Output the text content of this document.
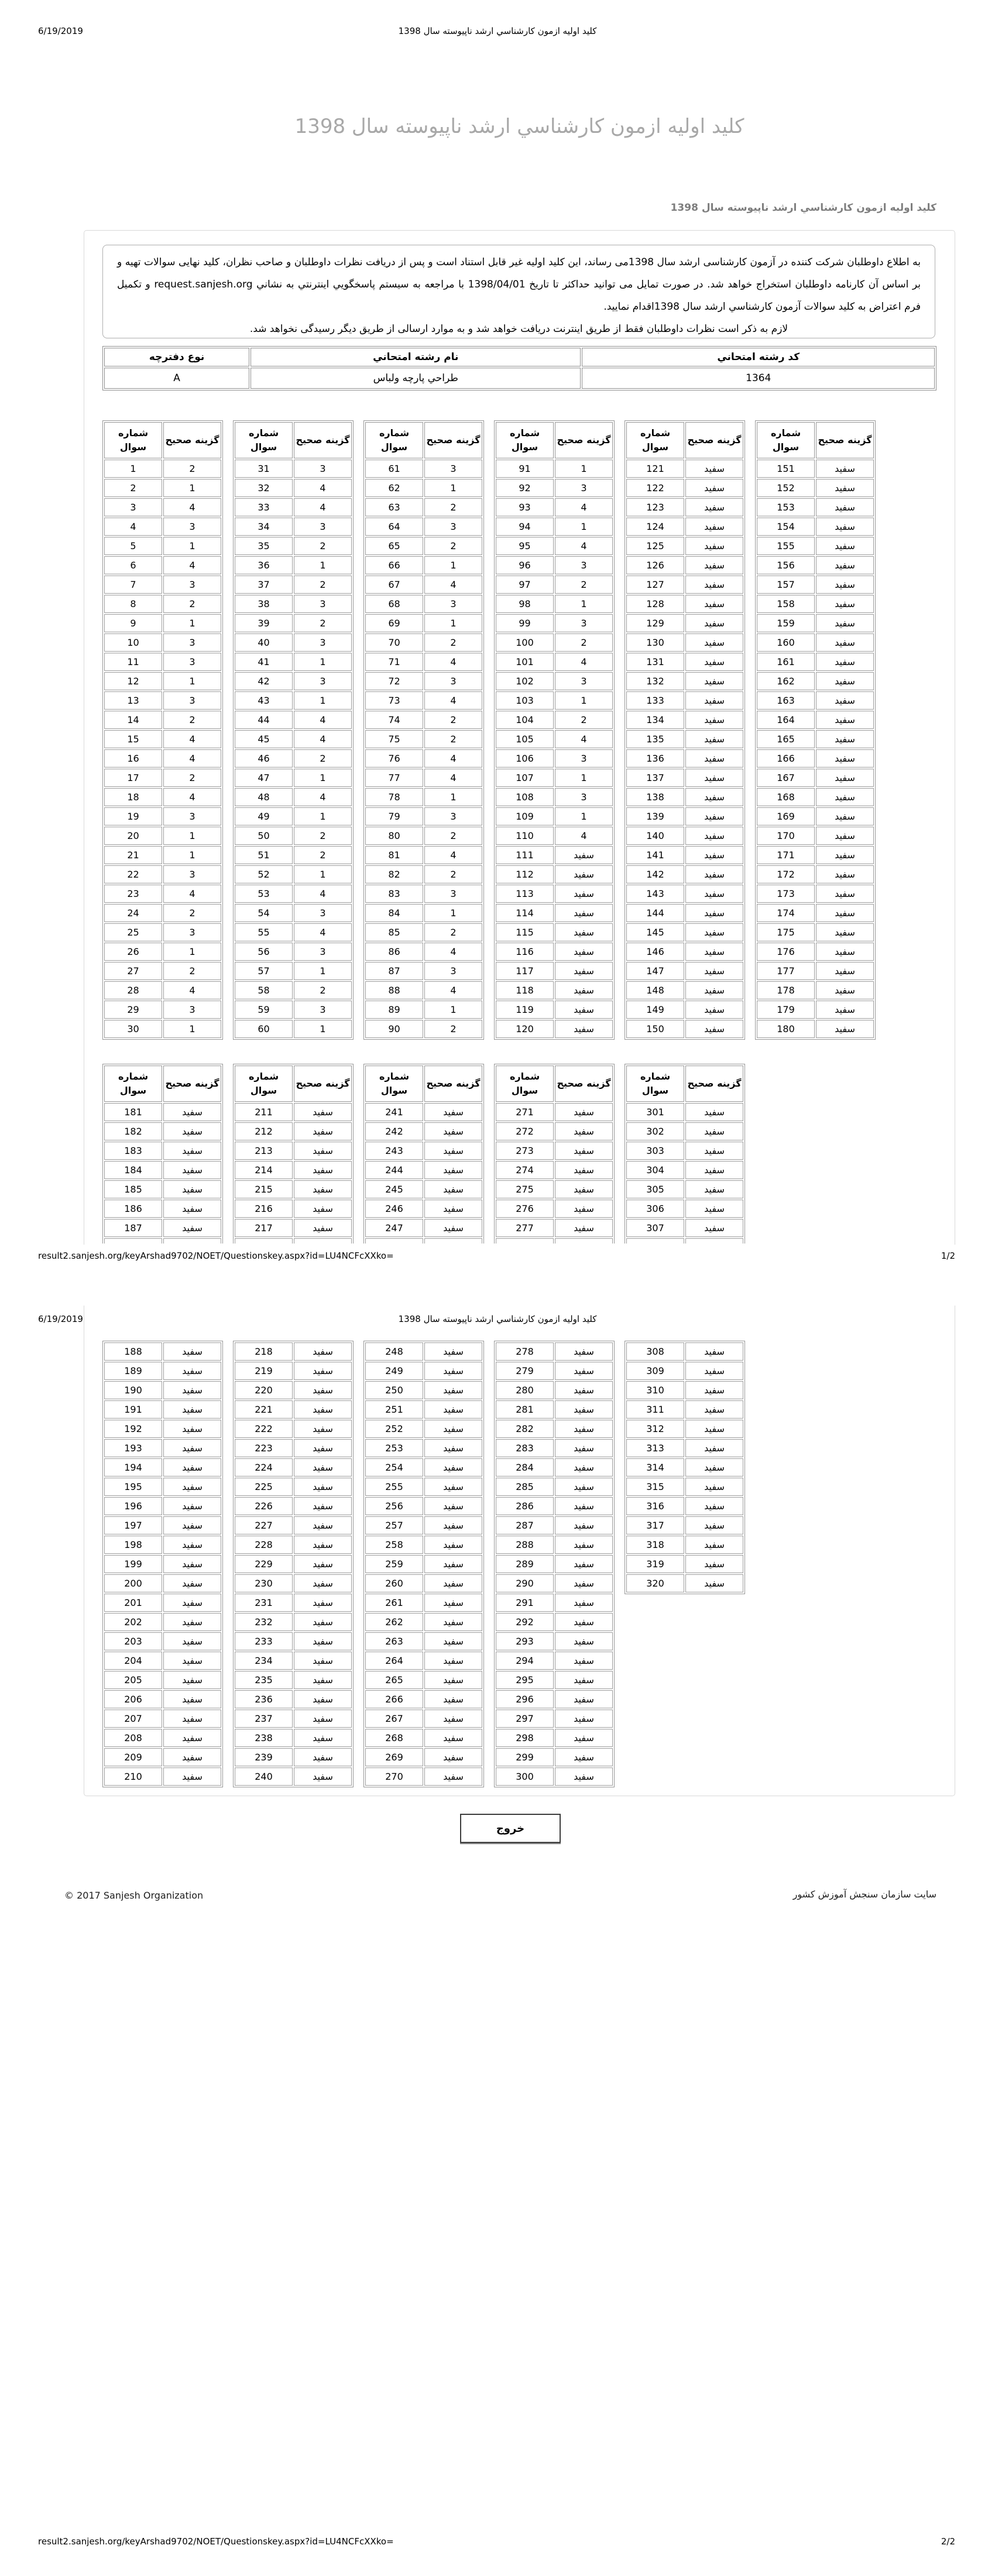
6/19/2019	کلید اولیه ازمون کارشناسي ارشد ناپیوسته سال 1398
کلید اولیه ازمون کارشناسي ارشد ناپیوسته سال 1398
کلید اولیه ازمون کارشناسي ارشد ناپیوسته سال 1398

به اطلاع داوطلبان شرکت کننده در آزمون کارشناسی ارشد سال 1398می رساند، این کلید اولیه غیر قابل استناد است و پس از دریافت نظرات داوطلبان و صاحب نظران، کلید نهایی سوالات تهیه و بر اساس آن کارنامه داوطلبان استخراج خواهد شد. در صورت تمایل می توانید حداکثر تا تاریخ 1398/04/01 با مراجعه به سیستم پاسخگویي اینترنتي به نشاني request.sanjesh.org و تکمیل فرم اعتراض به کلید سوالات آزمون کارشناسي ارشد سال 1398اقدام نمایید.

لازم به ذکر است نظرات داوطلبان فقط از طریق اینترنت دریافت خواهد شد و به موارد ارسالی از طریق دیگر رسیدگی نخواهد شد.

کد رشته امتحاني	نام رشته امتحاني	نوع دفترچه
1364	طراحي پارچه ولباس	A
شماره سوال	گزینه صحیح
1	2
2	1
3	4
4	3
5	1
6	4
7	3
8	2
9	1
10	3
11	3
12	1
13	3
14	2
15	4
16	4
17	2
18	4
19	3
20	1
21	1
22	3
23	4
24	2
25	3
26	1
27	2
28	4
29	3
30	1
شماره سوال	گزینه صحیح
31	3
32	4
33	4
34	3
35	2
36	1
37	2
38	3
39	2
40	3
41	1
42	3
43	1
44	4
45	4
46	2
47	1
48	4
49	1
50	2
51	2
52	1
53	4
54	3
55	4
56	3
57	1
58	2
59	3
60	1
شماره سوال	گزینه صحیح
61	3
62	1
63	2
64	3
65	2
66	1
67	4
68	3
69	1
70	2
71	4
72	3
73	4
74	2
75	2
76	4
77	4
78	1
79	3
80	2
81	4
82	2
83	3
84	1
85	2
86	4
87	3
88	4
89	1
90	2
شماره سوال	گزینه صحیح
91	1
92	3
93	4
94	1
95	4
96	3
97	2
98	1
99	3
100	2
101	4
102	3
103	1
104	2
105	4
106	3
107	1
108	3
109	1
110	4
111	سفید
112	سفید
113	سفید
114	سفید
115	سفید
116	سفید
117	سفید
118	سفید
119	سفید
120	سفید
شماره سوال	گزینه صحیح
121	سفید
122	سفید
123	سفید
124	سفید
125	سفید
126	سفید
127	سفید
128	سفید
129	سفید
130	سفید
131	سفید
132	سفید
133	سفید
134	سفید
135	سفید
136	سفید
137	سفید
138	سفید
139	سفید
140	سفید
141	سفید
142	سفید
143	سفید
144	سفید
145	سفید
146	سفید
147	سفید
148	سفید
149	سفید
150	سفید
شماره سوال	گزینه صحیح
151	سفید
152	سفید
153	سفید
154	سفید
155	سفید
156	سفید
157	سفید
158	سفید
159	سفید
160	سفید
161	سفید
162	سفید
163	سفید
164	سفید
165	سفید
166	سفید
167	سفید
168	سفید
169	سفید
170	سفید
171	سفید
172	سفید
173	سفید
174	سفید
175	سفید
176	سفید
177	سفید
178	سفید
179	سفید
180	سفید
شماره سوال	گزینه صحیح
181	سفید
182	سفید
183	سفید
184	سفید
185	سفید
186	سفید
187	سفید

شماره سوال	گزینه صحیح
211	سفید
212	سفید
213	سفید
214	سفید
215	سفید
216	سفید
217	سفید

شماره سوال	گزینه صحیح
241	سفید
242	سفید
243	سفید
244	سفید
245	سفید
246	سفید
247	سفید

شماره سوال	گزینه صحیح
271	سفید
272	سفید
273	سفید
274	سفید
275	سفید
276	سفید
277	سفید

شماره سوال	گزینه صحیح
301	سفید
302	سفید
303	سفید
304	سفید
305	سفید
306	سفید
307	سفید

188	سفید
189	سفید
190	سفید
191	سفید
192	سفید
193	سفید
194	سفید
195	سفید
196	سفید
197	سفید
198	سفید
199	سفید
200	سفید
201	سفید
202	سفید
203	سفید
204	سفید
205	سفید
206	سفید
207	سفید
208	سفید
209	سفید
210	سفید
218	سفید
219	سفید
220	سفید
221	سفید
222	سفید
223	سفید
224	سفید
225	سفید
226	سفید
227	سفید
228	سفید
229	سفید
230	سفید
231	سفید
232	سفید
233	سفید
234	سفید
235	سفید
236	سفید
237	سفید
238	سفید
239	سفید
240	سفید
248	سفید
249	سفید
250	سفید
251	سفید
252	سفید
253	سفید
254	سفید
255	سفید
256	سفید
257	سفید
258	سفید
259	سفید
260	سفید
261	سفید
262	سفید
263	سفید
264	سفید
265	سفید
266	سفید
267	سفید
268	سفید
269	سفید
270	سفید
278	سفید
279	سفید
280	سفید
281	سفید
282	سفید
283	سفید
284	سفید
285	سفید
286	سفید
287	سفید
288	سفید
289	سفید
290	سفید
291	سفید
292	سفید
293	سفید
294	سفید
295	سفید
296	سفید
297	سفید
298	سفید
299	سفید
300	سفید
308	سفید
309	سفید
310	سفید
311	سفید
312	سفید
313	سفید
314	سفید
315	سفید
316	سفید
317	سفید
318	سفید
319	سفید
320	سفید
result2.sanjesh.org/keyArshad9702/NOET/Questionskey.aspx?id=LU4NCFcXXko=	1/2
6/19/2019	کلید اولیه ازمون کارشناسي ارشد ناپیوسته سال 1398
خروج
© 2017 Sanjesh Organization	سایت سازمان سنجش آموزش کشور
result2.sanjesh.org/keyArshad9702/NOET/Questionskey.aspx?id=LU4NCFcXXko=	2/2
